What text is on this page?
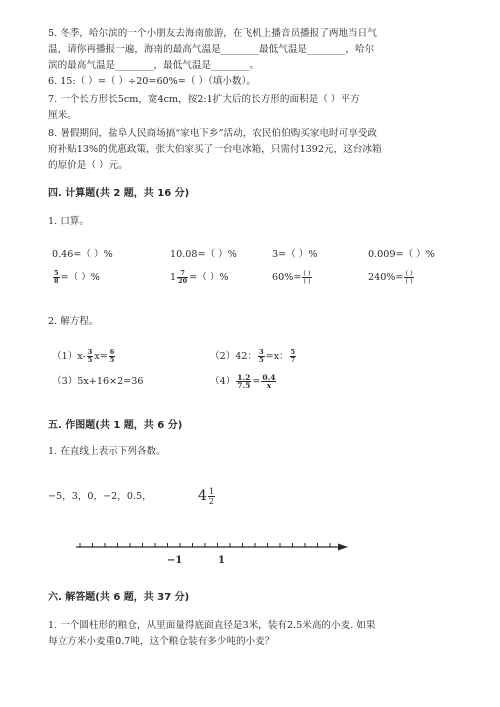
5. 冬季，哈尔滨的一个小朋友去海南旅游，在飞机上播音员播报了两地当日气
温，请你再播报一遍，海南的最高气温是________最低气温是________，哈尔
滨的最高气温是________，最低气温是________。
6. 15:（ ）=（ ）÷20=60%=（ ）（填小数）。
7. 一个长方形长5cm，宽4cm，按2:1扩大后的长方形的面积是（ ）平方
厘米。
8. 暑假期间，盐阜人民商场搞“家电下乡”活动，农民伯伯购买家电时可享受政
府补贴13%的优惠政策，张大伯家买了一台电冰箱，只需付1392元，这台冰箱
的原价是（ ）元。
四. 计算题(共 2 题，共 16 分)
1. 口算。
0.46=（ ）%	10.08=（ ）%	3=（ ）%	0.009=（ ）%
$\frac{5}{8}$ =（ ）%	$1 \frac{7}{20}$ =（ ）%	$60\%= \frac{( )}{( )}$	$240\%= \frac{( )}{( )}$
2. 解方程。
$(1)x- \frac{3}{5} x= \frac{6}{5}$	（2）42： $\frac{3}{5} =x$： $\frac{5}{7}$
（3）5x+16×2=36	$(4) \frac{1.2}{7.5} = \frac{0.4}{x}$
五. 作图题(共 1 题，共 6 分)
1. 在直线上表示下列各数。
−5，3，0，−2，0.5，	$4 \frac{1}{2}$
−1	1
六. 解答题(共 6 题，共 37 分)
1. 一个圆柱形的粮仓，从里面量得底面直径是3米，装有2.5米高的小麦. 如果
每立方米小麦重0.7吨，这个粮仓装有多少吨的小麦？
